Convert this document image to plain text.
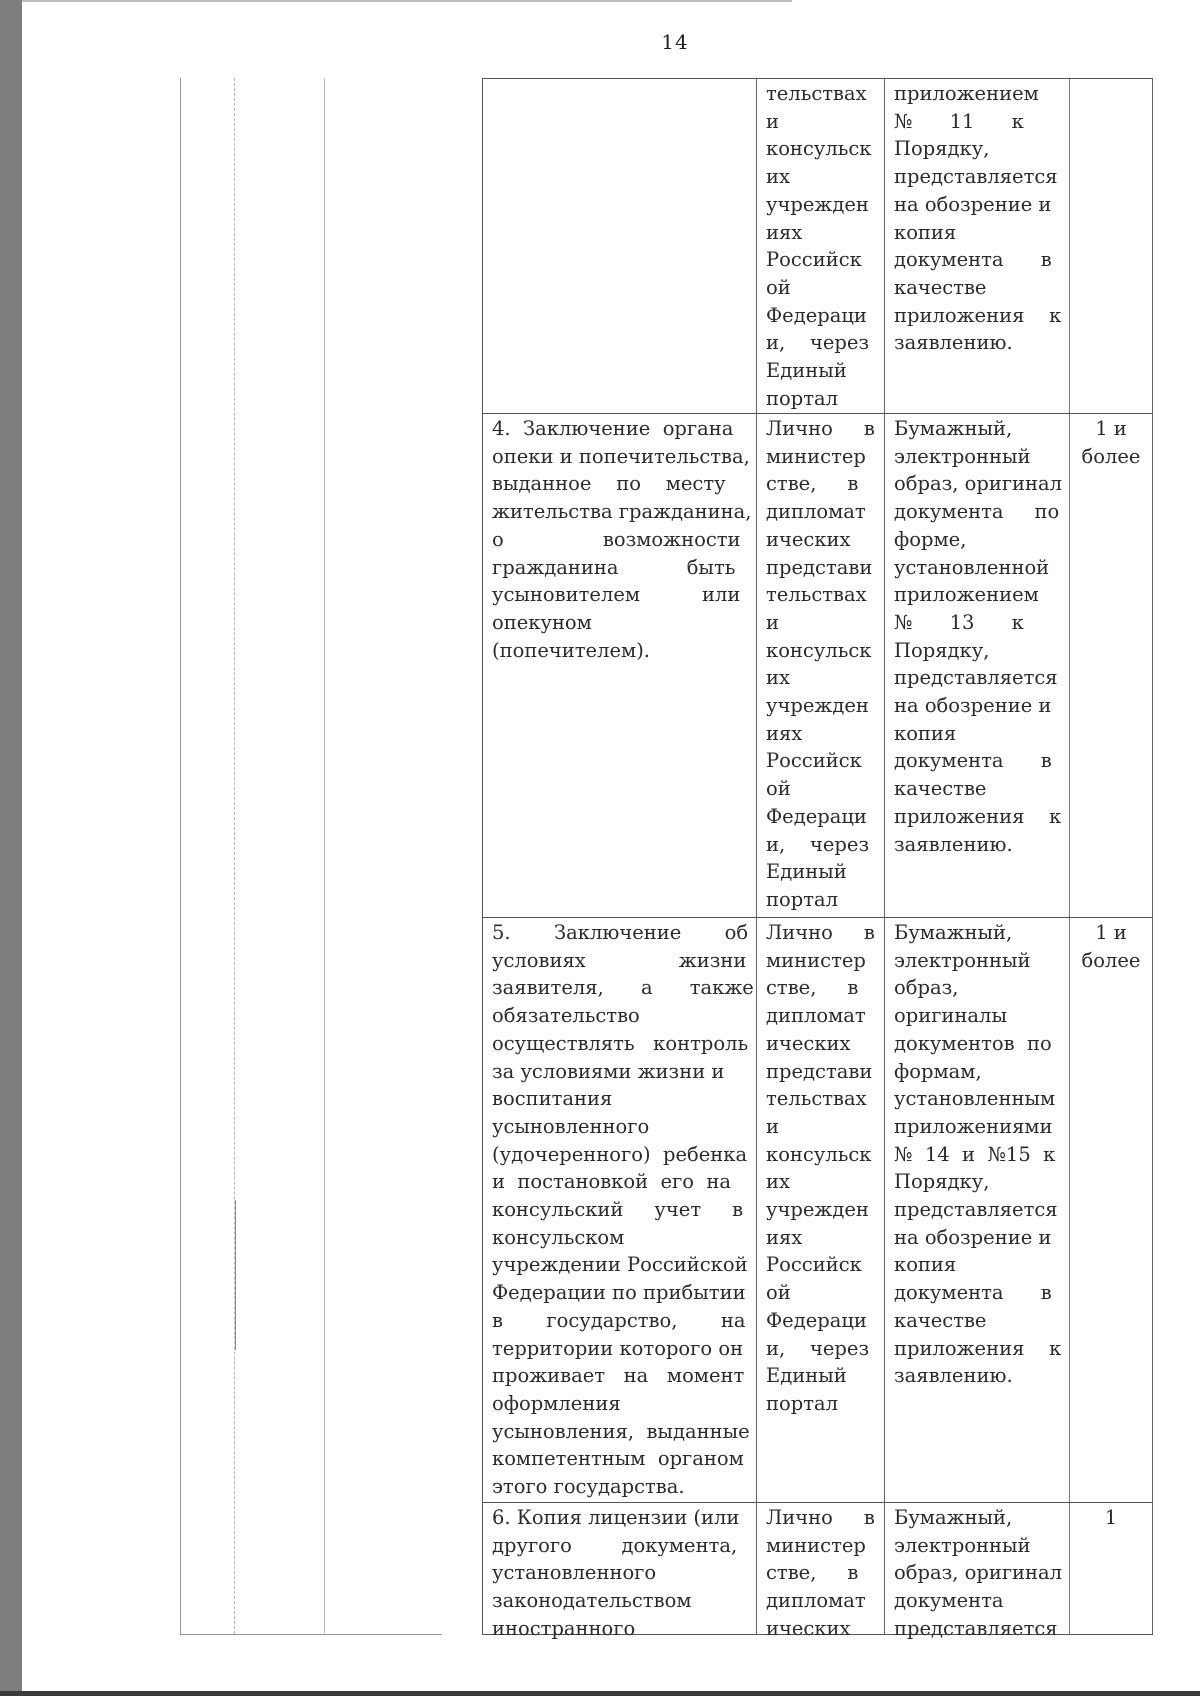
14
тельствах
и
консульск
их
учрежден
иях
Российск
ой
Федераци
и,    через
Единый
портал
приложением
№      11      к
Порядку,
представляется
на обозрение и
копия
документа      в
качестве
приложения    к
заявлению.
4.  Заключение  органа
опеки и попечительства,
выданное    по    месту
жительства гражданина,
о                возможности
гражданина           быть
усыновителем          или
опекуном
(попечителем).
Лично     в
министер
стве,     в
дипломат
ических
представи
тельствах
и
консульск
их
учрежден
иях
Российск
ой
Федераци
и,    через
Единый
портал
Бумажный,
электронный
образ, оригинал
документа     по
форме,
установленной
приложением
№      13      к
Порядку,
представляется
на обозрение и
копия
документа      в
качестве
приложения    к
заявлению.
1 и
более
5.       Заключение       об
условиях               жизни
заявителя,      а      также
обязательство
осуществлять   контроль
за условиями жизни и
воспитания
усыновленного
(удочеренного)  ребенка
и  постановкой  его  на
консульский     учет     в
консульском
учреждении Российской
Федерации по прибытии
в       государство,       на
территории которого он
проживает   на   момент
оформления
усыновления,  выданные
компетентным  органом
этого государства.
Лично     в
министер
стве,     в
дипломат
ических
представи
тельствах
и
консульск
их
учрежден
иях
Российск
ой
Федераци
и,    через
Единый
портал
Бумажный,
электронный
образ,
оригиналы
документов  по
формам,
установленным
приложениями
№  14  и  №15  к
Порядку,
представляется
на обозрение и
копия
документа      в
качестве
приложения    к
заявлению.
1 и
более
6. Копия лицензии (или
другого        документа,
установленного
законодательством
иностранного
Лично     в
министер
стве,     в
дипломат
ических
Бумажный,
электронный
образ, оригинал
документа
представляется
1
